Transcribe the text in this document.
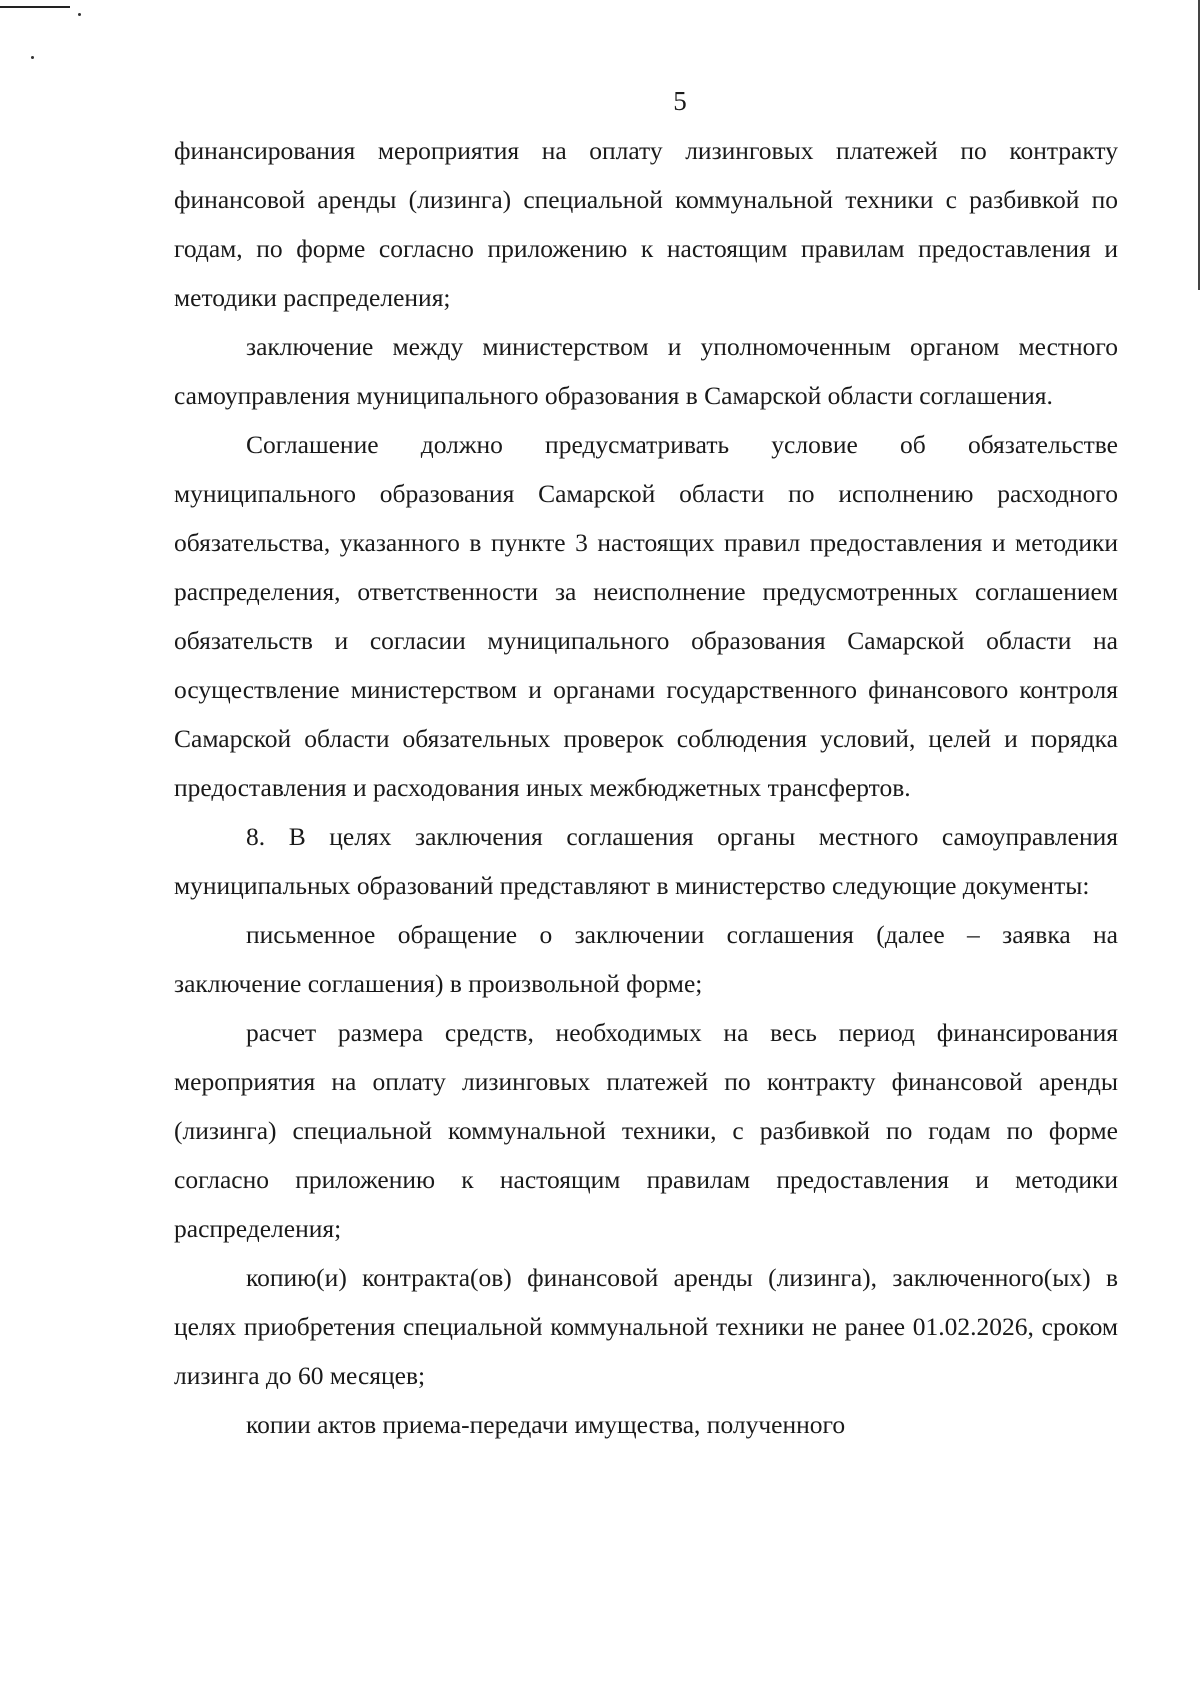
5

финансирования мероприятия на оплату лизинговых платежей по контракту финансовой аренды (лизинга) специальной коммунальной техники с разбивкой по годам, по форме согласно приложению к настоящим правилам предоставления и методики распределения;

заключение между министерством и уполномоченным органом местного самоуправления муниципального образования в Самарской области соглашения.

Соглашение должно предусматривать условие об обязательстве муниципального образования Самарской области по исполнению расходного обязательства, указанного в пункте 3 настоящих правил предоставления и методики распределения, ответственности за неисполнение предусмотренных соглашением обязательств и согласии муниципального образования Самарской области на осуществление министерством и органами государственного финансового контроля Самарской области обязательных проверок соблюдения условий, целей и порядка предоставления и расходования иных межбюджетных трансфертов.

8. В целях заключения соглашения органы местного самоуправления муниципальных образований представляют в министерство следующие документы:

письменное обращение о заключении соглашения (далее – заявка на заключение соглашения) в произвольной форме;

расчет размера средств, необходимых на весь период финансирования мероприятия на оплату лизинговых платежей по контракту финансовой аренды (лизинга) специальной коммунальной техники, с разбивкой по годам по форме согласно приложению к настоящим правилам предоставления и методики распределения;

копию(и) контракта(ов) финансовой аренды (лизинга), заключенного(ых) в целях приобретения специальной коммунальной техники не ранее 01.02.2026, сроком лизинга до 60 месяцев;

копии актов приема-передачи имущества, полученного
